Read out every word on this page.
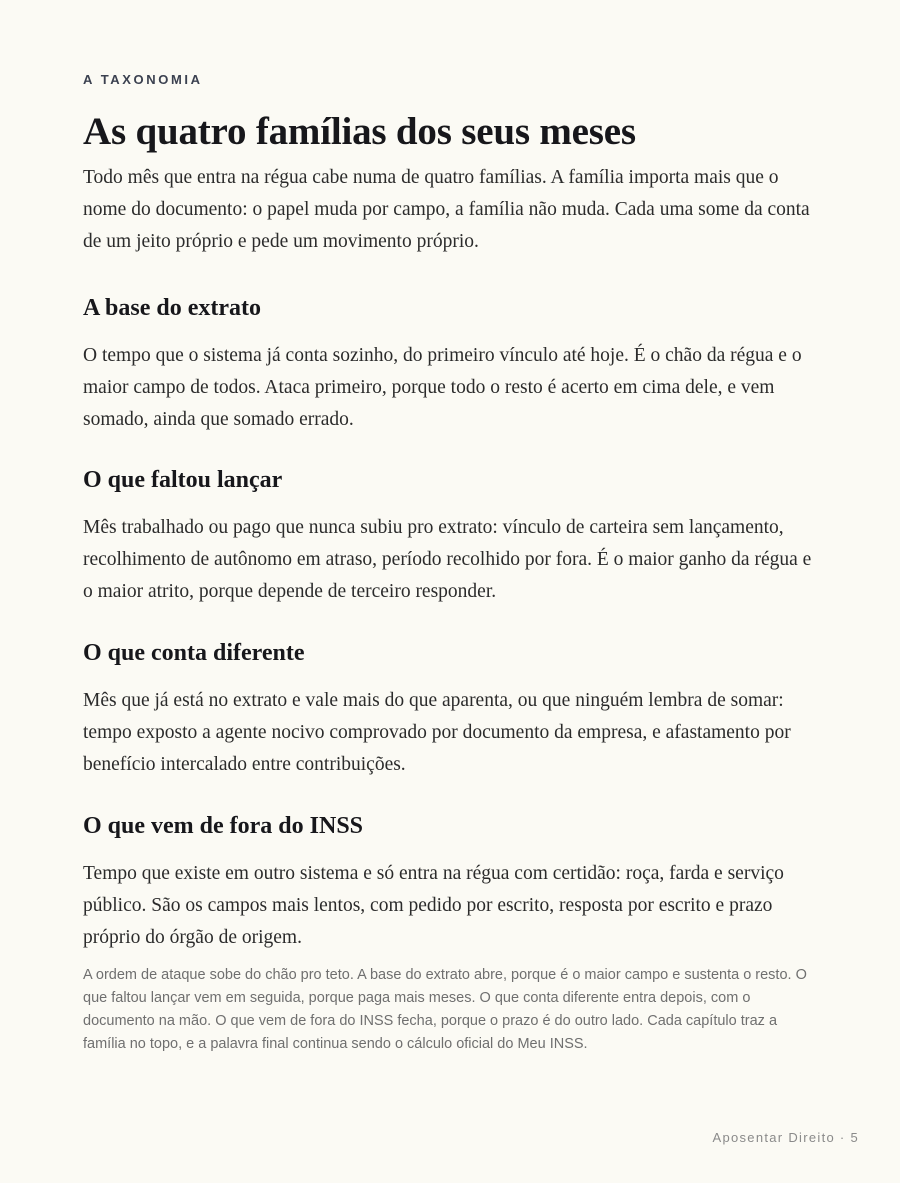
A TAXONOMIA

As quatro famílias dos seus meses

Todo mês que entra na régua cabe numa de quatro famílias. A família importa mais que o nome do documento: o papel muda por campo, a família não muda. Cada uma some da conta de um jeito próprio e pede um movimento próprio.

A base do extrato

O tempo que o sistema já conta sozinho, do primeiro vínculo até hoje. É o chão da régua e o maior campo de todos. Ataca primeiro, porque todo o resto é acerto em cima dele, e vem somado, ainda que somado errado.

O que faltou lançar

Mês trabalhado ou pago que nunca subiu pro extrato: vínculo de carteira sem lançamento, recolhimento de autônomo em atraso, período recolhido por fora. É o maior ganho da régua e o maior atrito, porque depende de terceiro responder.

O que conta diferente

Mês que já está no extrato e vale mais do que aparenta, ou que ninguém lembra de somar: tempo exposto a agente nocivo comprovado por documento da empresa, e afastamento por benefício intercalado entre contribuições.

O que vem de fora do INSS

Tempo que existe em outro sistema e só entra na régua com certidão: roça, farda e serviço público. São os campos mais lentos, com pedido por escrito, resposta por escrito e prazo próprio do órgão de origem.

A ordem de ataque sobe do chão pro teto. A base do extrato abre, porque é o maior campo e sustenta o resto. O que faltou lançar vem em seguida, porque paga mais meses. O que conta diferente entra depois, com o documento na mão. O que vem de fora do INSS fecha, porque o prazo é do outro lado. Cada capítulo traz a família no topo, e a palavra final continua sendo o cálculo oficial do Meu INSS.

Aposentar Direito · 5
